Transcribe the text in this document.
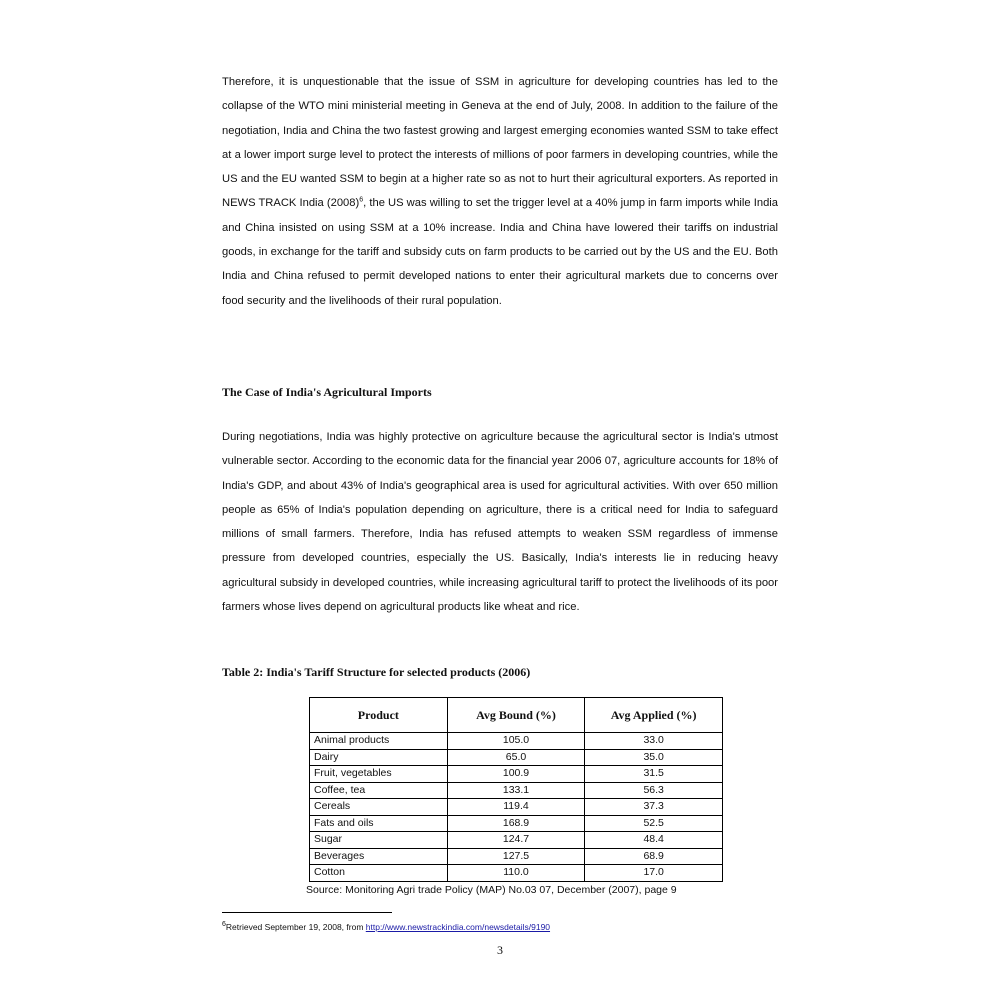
Therefore, it is unquestionable that the issue of SSM in agriculture for developing countries has led to the collapse of the WTO mini ministerial meeting in Geneva at the end of July, 2008. In addition to the failure of the negotiation, India and China the two fastest growing and largest emerging economies wanted SSM to take effect at a lower import surge level to protect the interests of millions of poor farmers in developing countries, while the US and the EU wanted SSM to begin at a higher rate so as not to hurt their agricultural exporters. As reported in NEWS TRACK India $(2008)^6$, the US was willing to set the trigger level at a 40% jump in farm imports while India and China insisted on using SSM at a 10% increase. India and China have lowered their tariffs on industrial goods, in exchange for the tariff and subsidy cuts on farm products to be carried out by the US and the EU. Both India and China refused to permit developed nations to enter their agricultural markets due to concerns over food security and the livelihoods of their rural population.

The Case of India's Agricultural Imports

During negotiations, India was highly protective on agriculture because the agricultural sector is India's utmost vulnerable sector. According to the economic data for the financial year 2006 07, agriculture accounts for 18% of India's GDP, and about 43% of India's geographical area is used for agricultural activities. With over 650 million people as 65% of India's population depending on agriculture, there is a critical need for India to safeguard millions of small farmers. Therefore, India has refused attempts to weaken SSM regardless of immense pressure from developed countries, especially the US. Basically, India's interests lie in reducing heavy agricultural subsidy in developed countries, while increasing agricultural tariff to protect the livelihoods of its poor farmers whose lives depend on agricultural products like wheat and rice.

Table 2: India's Tariff Structure for selected products (2006)
Product	Avg Bound (%)	Avg Applied (%)
Animal products	105.0	33.0
Dairy	65.0	35.0
Fruit, vegetables	100.9	31.5
Coffee, tea	133.1	56.3
Cereals	119.4	37.3
Fats and oils	168.9	52.5
Sugar	124.7	48.4
Beverages	127.5	68.9
Cotton	110.0	17.0

Source: Monitoring Agri trade Policy (MAP) No.03 07, December (2007), page 9

$^6$Retrieved September 19, 2008, from http://www.newstrackindia.com/newsdetails/9190

3
